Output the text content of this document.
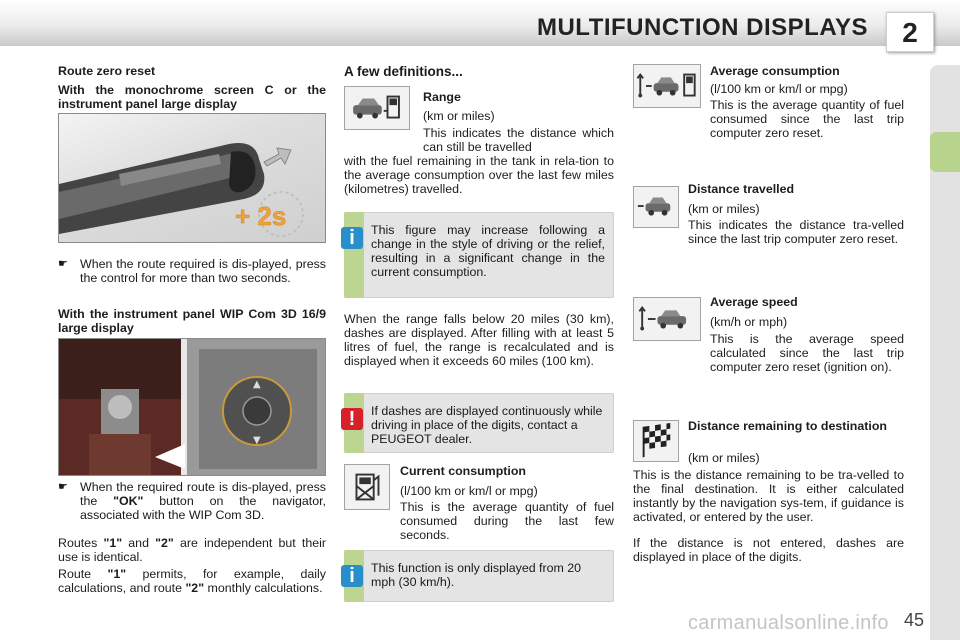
MULTIFUNCTION DISPLAYS	2
Route zero reset
With the monochrome screen C or the instrument panel large display
+ 2s
☛ When the route required is dis-played, press the control for more than two seconds.
With the instrument panel WIP Com 3D 16/9 large display
▲
▼
☛ When the required route is dis-played, press the "OK" button on the navigator, associated with the WIP Com 3D.
Routes "1" and "2" are independent but their use is identical.
Route "1" permits, for example, daily calculations, and route "2" monthly calculations.
A few definitions...
Range
(km or miles)
This indicates the distance which can still be travelled
with the fuel remaining in the tank in rela-tion to the average consumption over the last few miles (kilometres) travelled.
i	This figure may increase following a change in the style of driving or the relief, resulting in a significant change in the current consumption.
When the range falls below 20 miles (30 km), dashes are displayed. After filling with at least 5 litres of fuel, the range is recalculated and is displayed when it exceeds 60 miles (100 km).
!	If dashes are displayed continuously while driving in place of the digits, contact a PEUGEOT dealer.
Current consumption
(l/100 km or km/l or mpg)
This is the average quantity of fuel consumed during the last few seconds.
i	This function is only displayed from 20 mph (30 km/h).
Average consumption
(l/100 km or km/l or mpg)
This is the average quantity of fuel consumed since the last trip computer zero reset.
Distance travelled
(km or miles)
This indicates the distance tra-velled since the last trip computer zero reset.
Average speed
(km/h or mph)
This is the average speed calculated since the last trip computer zero reset (ignition on).
Distance remaining to destination
(km or miles)
This is the distance remaining to be tra-velled to the final destination. It is either calculated instantly by the navigation sys-tem, if guidance is activated, or entered by the user.
If the distance is not entered, dashes are displayed in place of the digits.
carmanualsonline.info 45
